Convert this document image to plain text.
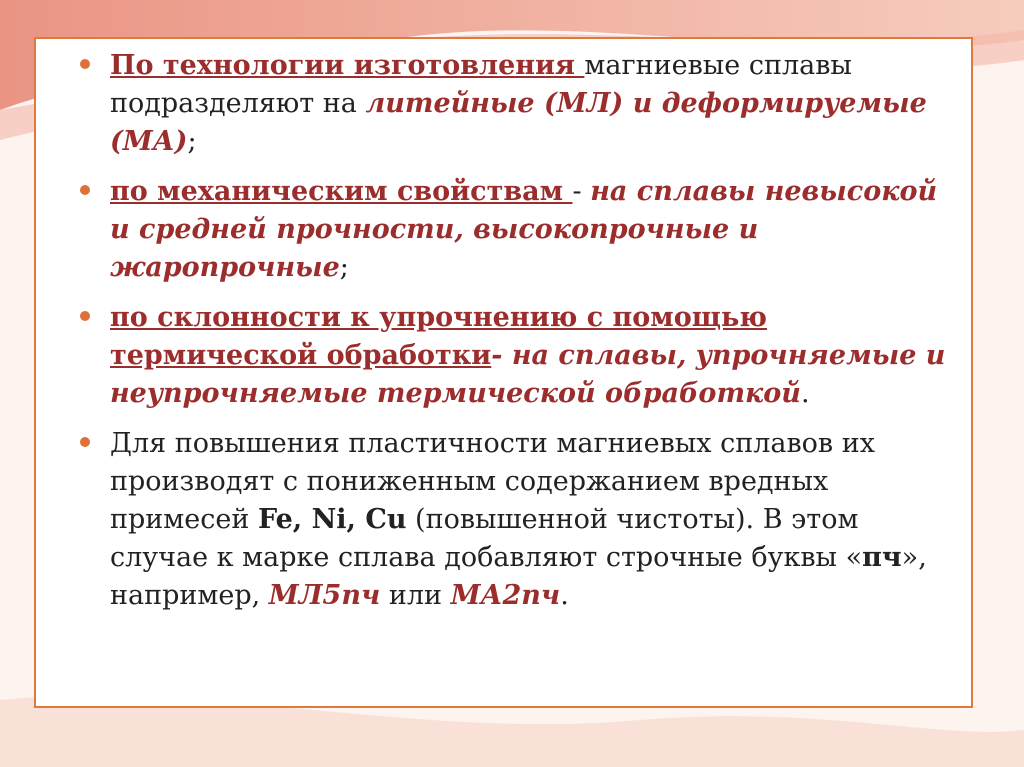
По технологии изготовления магниевые сплавы подразделяют на литейные (МЛ) и деформируемые (МА);
по механическим свойствам - на сплавы невысокой и средней прочности, высокопрочные и жаропрочные;
по склонности к упрочнению с помощью термической обработки- на сплавы, упрочняемые и неупрочняемые термической обработкой.
Для повышения пластичности магниевых сплавов их производят с пониженным содержанием вредных примесей Fe, Ni, Cu (повышенной чистоты). В этом случае к марке сплава добавляют строчные буквы «пч», например, МЛ5пч или МА2пч.
